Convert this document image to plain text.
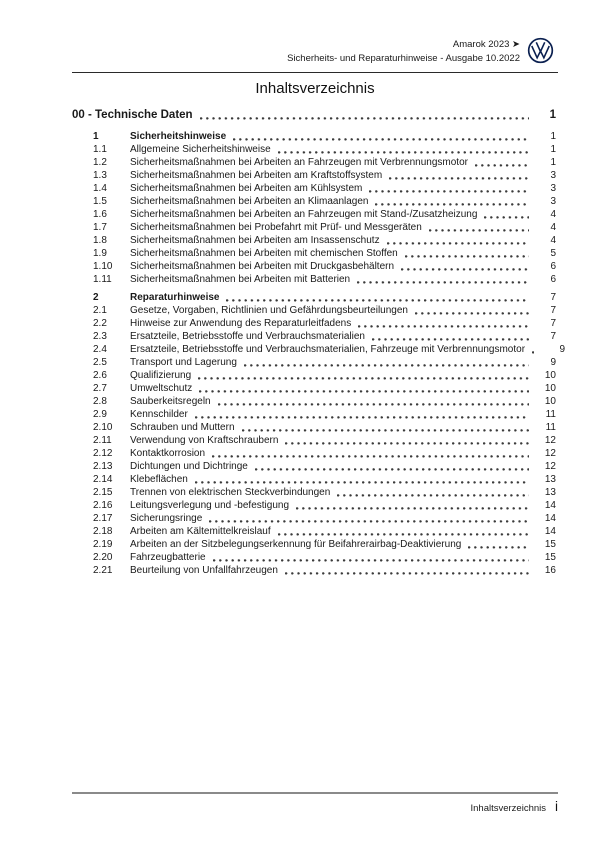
Amarok 2023 ➤
Sicherheits- und Reparaturhinweise - Ausgabe 10.2022
Inhaltsverzeichnis
00 - Technische Daten	1
1	Sicherheitshinweise	1
1.1	Allgemeine Sicherheitshinweise	1
1.2	Sicherheitsmaßnahmen bei Arbeiten an Fahrzeugen mit Verbrennungsmotor	1
1.3	Sicherheitsmaßnahmen bei Arbeiten am Kraftstoffsystem	3
1.4	Sicherheitsmaßnahmen bei Arbeiten am Kühlsystem	3
1.5	Sicherheitsmaßnahmen bei Arbeiten an Klimaanlagen	3
1.6	Sicherheitsmaßnahmen bei Arbeiten an Fahrzeugen mit Stand-/Zusatzheizung	4
1.7	Sicherheitsmaßnahmen bei Probefahrt mit Prüf- und Messgeräten	4
1.8	Sicherheitsmaßnahmen bei Arbeiten am Insassenschutz	4
1.9	Sicherheitsmaßnahmen bei Arbeiten mit chemischen Stoffen	5
1.10	Sicherheitsmaßnahmen bei Arbeiten mit Druckgasbehältern	6
1.11	Sicherheitsmaßnahmen bei Arbeiten mit Batterien	6
2	Reparaturhinweise	7
2.1	Gesetze, Vorgaben, Richtlinien und Gefährdungsbeurteilungen	7
2.2	Hinweise zur Anwendung des Reparaturleitfadens	7
2.3	Ersatzteile, Betriebsstoffe und Verbrauchsmaterialien	7
2.4	Ersatzteile, Betriebsstoffe und Verbrauchsmaterialien, Fahrzeuge mit Verbrennungsmotor	9
2.5	Transport und Lagerung	9
2.6	Qualifizierung	10
2.7	Umweltschutz	10
2.8	Sauberkeitsregeln	10
2.9	Kennschilder	11
2.10	Schrauben und Muttern	11
2.11	Verwendung von Kraftschraubern	12
2.12	Kontaktkorrosion	12
2.13	Dichtungen und Dichtringe	12
2.14	Klebeflächen	13
2.15	Trennen von elektrischen Steckverbindungen	13
2.16	Leitungsverlegung und -befestigung	14
2.17	Sicherungsringe	14
2.18	Arbeiten am Kältemittelkreislauf	14
2.19	Arbeiten an der Sitzbelegungserkennung für Beifahrerairbag-Deaktivierung	15
2.20	Fahrzeugbatterie	15
2.21	Beurteilung von Unfallfahrzeugen	16
Inhaltsverzeichnis i
